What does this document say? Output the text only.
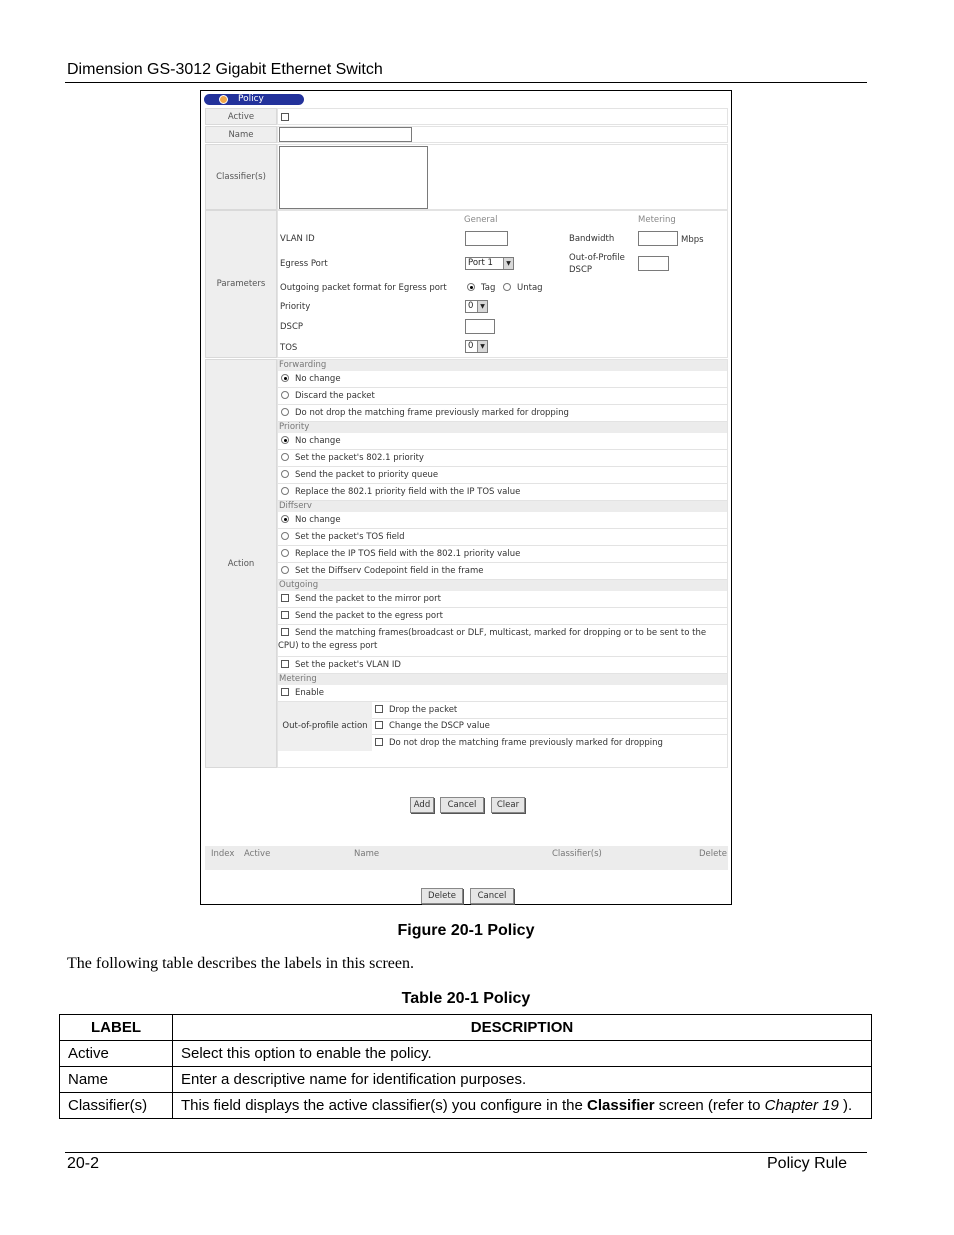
Dimension GS-3012 Gigabit Ethernet Switch
Policy
Active
Name
Classifier(s)
Parameters
General	Metering
VLAN ID	Bandwidth	Mbps
Egress Port	Port 1	▼
Out-of-Profile DSCP
Outgoing packet format for Egress port	Tag	Untag
Priority	0	▼
DSCP
TOS	0	▼
Action
Forwarding
No change
Discard the packet
Do not drop the matching frame previously marked for dropping
Priority
No change
Set the packet's 802.1 priority
Send the packet to priority queue
Replace the 802.1 priority field with the IP TOS value
Diffserv
No change
Set the packet's TOS field
Replace the IP TOS field with the 802.1 priority value
Set the Diffserv Codepoint field in the frame
Outgoing
Send the packet to the mirror port
Send the packet to the egress port
Send the matching frames(broadcast or DLF, multicast, marked for dropping or to be sent to the CPU) to the egress port
Set the packet's VLAN ID
Metering
Enable
Out-of-profile action
Drop the packet
Change the DSCP value
Do not drop the matching frame previously marked for dropping
Add	Cancel	Clear
Index Active	Name	Classifier(s)	Delete
Delete	Cancel
Figure 20-1 Policy
The following table describes the labels in this screen.
Table 20-1 Policy
LABEL	DESCRIPTION
Active	Select this option to enable the policy.
Name	Enter a descriptive name for identification purposes.
Classifier(s)	This field displays the active classifier(s) you configure in the Classifier screen (refer to Chapter 19 ).
20-2	Policy Rule
